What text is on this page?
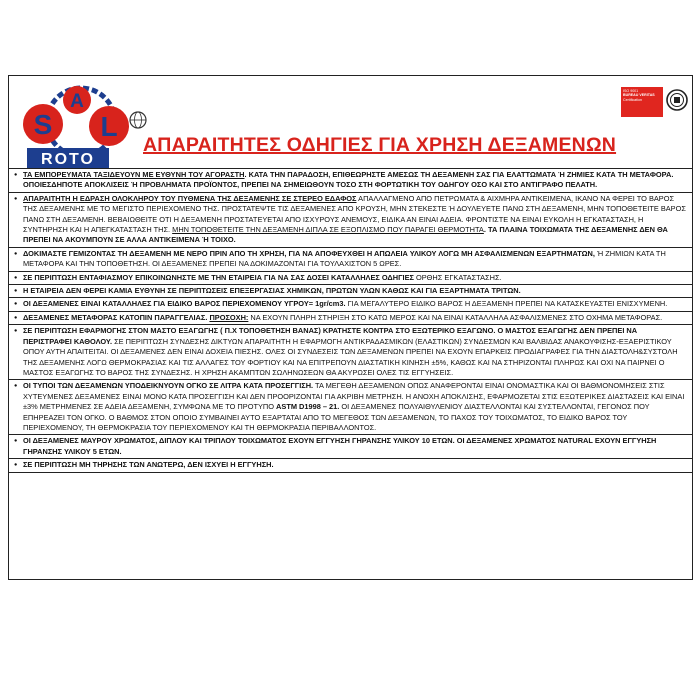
S
A
L
ROTO
ΑΠΑΡΑΙΤΗΤΕΣ ΟΔΗΓΙΕΣ ΓΙΑ ΧΡΗΣΗ ΔΕΞΑΜΕΝΩΝ
ISO 9001
BUREAU VERITAS
Certification
● ΤΑ ΕΜΠΟΡΕΥΜΑΤΑ ΤΑΞΙΔΕΥΟΥΝ ΜΕ ΕΥΘΥΝΗ ΤΟΥ ΑΓΟΡΑΣΤΗ. ΚΑΤΑ ΤΗΝ ΠΑΡΑΔΟΣΗ, ΕΠΙΘΕΩΡΗΣΤΕ ΑΜΕΣΩΣ ΤΗ ΔΕΞΑΜΕΝΗ ΣΑΣ ΓΙΑ ΕΛΑΤΤΩΜΑΤΑ Ή ΖΗΜΙΕΣ ΚΑΤΑ ΤΗ ΜΕΤΑΦΟΡΑ. ΟΠΟΙΕΣΔΗΠΟΤΕ ΑΠΟΚΛΙΣΕΙΣ Ή ΠΡΟΒΛΗΜΑΤΑ ΠΡΟΪΟΝΤΟΣ, ΠΡΕΠΕΙ ΝΑ ΣΗΜΕΙΩΘΟΥΝ ΤΟΣΟ ΣΤΗ ΦΟΡΤΩΤΙΚΗ ΤΟΥ ΟΔΗΓΟΥ ΟΣΟ ΚΑΙ ΣΤΟ ΑΝΤΙΓΡΑΦΟ ΠΕΛΑΤΗ.
● ΑΠΑΡΑΙΤΗΤΗ Η ΕΔΡΑΣΗ ΟΛΟΚΛΗΡΟΥ ΤΟΥ ΠΥΘΜΕΝΑ ΤΗΣ ΔΕΞΑΜΕΝΗΣ ΣΕ ΣΤΕΡΕΟ ΕΔΑΦΟΣ ΑΠΑΛΛΑΓΜΕΝΟ ΑΠΟ ΠΕΤΡΩΜΑΤΑ & ΑΙΧΜΗΡΑ ΑΝΤΙΚΕΙΜΕΝΑ, ΙΚΑΝΟ ΝΑ ΦΕΡΕΙ ΤΟ ΒΑΡΟΣ ΤΗΣ ΔΕΞΑΜΕΝΗΣ ΜΕ ΤΟ ΜΕΓΙΣΤΟ ΠΕΡΙΕΧΟΜΕΝΟ ΤΗΣ. ΠΡΟΣΤΑΤΕΨΤΕ ΤΙΣ ΔΕΞΑΜΕΝΕΣ ΑΠΟ ΚΡΟΥΣΗ, ΜΗΝ ΣΤΕΚΕΣΤΕ Ή ΔΟΥΛΕΥΕΤΕ ΠΑΝΩ ΣΤΗ ΔΕΞΑΜΕΝΗ, ΜΗΝ ΤΟΠΟΘΕΤΕΙΤΕ ΒΑΡΟΣ ΠΑΝΩ ΣΤΗ ΔΕΞΑΜΕΝΗ. ΒΕΒΑΙΩΘΕΙΤΕ ΟΤΙ Η ΔΕΞΑΜΕΝΗ ΠΡΟΣΤΑΤΕΥΕΤΑΙ ΑΠΟ ΙΣΧΥΡΟΥΣ ΑΝΕΜΟΥΣ, ΕΙΔΙΚΑ ΑΝ ΕΙΝΑΙ ΑΔΕΙΑ. ΦΡΟΝΤΙΣΤΕ ΝΑ ΕΙΝΑΙ ΕΥΚΟΛΗ Η ΕΓΚΑΤΑΣΤΑΣΗ, Η ΣΥΝΤΗΡΗΣΗ ΚΑΙ Η ΑΠΕΓΚΑΤΑΣΤΑΣΗ ΤΗΣ. ΜΗΝ ΤΟΠΟΘΕΤΕΙΤΕ ΤΗΝ ΔΕΞΑΜΕΝΗ ΔΙΠΛΑ ΣΕ ΕΞΟΠΛΙΣΜΟ ΠΟΥ ΠΑΡΑΓΕΙ ΘΕΡΜΟΤΗΤΑ. ΤΑ ΠΛΑΙΝΑ ΤΟΙΧΩΜΑΤΑ ΤΗΣ ΔΕΞΑΜΕΝΗΣ ΔΕΝ ΘΑ ΠΡΕΠΕΙ ΝΑ ΑΚΟΥΜΠΟΥΝ ΣΕ ΑΛΛΑ ΑΝΤΙΚΕΙΜΕΝΑ Ή ΤΟΙΧΟ.
● ΔΟΚΙΜΑΣΤΕ ΓΕΜΙΖΟΝΤΑΣ ΤΗ ΔΕΞΑΜΕΝΗ ΜΕ ΝΕΡΟ ΠΡΙΝ ΑΠΟ ΤΗ ΧΡΗΣΗ, ΓΙΑ ΝΑ ΑΠΟΦΕΥΧΘΕΙ Η ΑΠΩΛΕΙΑ ΥΛΙΚΟΥ ΛΟΓΩ ΜΗ ΑΣΦΑΛΙΣΜΕΝΩΝ ΕΞΑΡΤΗΜΑΤΩΝ, Ή ΖΗΜΙΩΝ ΚΑΤΑ ΤΗ ΜΕΤΑΦΟΡΑ ΚΑΙ ΤΗΝ ΤΟΠΟΘΕΤΗΣΗ. ΟΙ ΔΕΞΑΜΕΝΕΣ ΠΡΕΠΕΙ ΝΑ ΔΟΚΙΜΑΖΟΝΤΑΙ ΓΙΑ ΤΟΥΛΑΧΙΣΤΟΝ 5 ΩΡΕΣ.
● ΣΕ ΠΕΡΙΠΤΩΣΗ ΕΝΤΑΦΙΑΣΜΟΥ ΕΠΙΚΟΙΝΩΝΗΣΤΕ ΜΕ ΤΗΝ ΕΤΑΙΡΕΙΑ ΓΙΑ ΝΑ ΣΑΣ ΔΟΣΕΙ ΚΑΤΑΛΛΗΛΕΣ ΟΔΗΓΙΕΣ ΟΡΘΗΣ ΕΓΚΑΤΑΣΤΑΣΗΣ.
● Η ΕΤΑΙΡΕΙΑ ΔΕΝ ΦΕΡΕΙ ΚΑΜΙΑ ΕΥΘΥΝΗ ΣΕ ΠΕΡΙΠΤΩΣΕΙΣ ΕΠΕΞΕΡΓΑΣΙΑΣ ΧΗΜΙΚΩΝ, ΠΡΩΤΩΝ ΥΛΩΝ ΚΑΘΩΣ ΚΑΙ ΓΙΑ ΕΞΑΡΤΗΜΑΤΑ ΤΡΙΤΩΝ.
● ΟΙ ΔΕΞΑΜΕΝΕΣ ΕΙΝΑΙ ΚΑΤΑΛΛΗΛΕΣ ΓΙΑ ΕΙΔΙΚΟ ΒΑΡΟΣ ΠΕΡΙΕΧΟΜΕΝΟΥ ΥΓΡΟΥ= 1gr/cm3. ΓΙΑ ΜΕΓΑΛΥΤΕΡΟ ΕΙΔΙΚΟ ΒΑΡΟΣ Η ΔΕΞΑΜΕΝΗ ΠΡΕΠΕΙ ΝΑ ΚΑΤΑΣΚΕΥΑΣΤΕΙ ΕΝΙΣΧΥΜΕΝΗ.
● ΔΕΞΑΜΕΝΕΣ ΜΕΤΑΦΟΡΑΣ ΚΑΤΟΠΙΝ ΠΑΡΑΓΓΕΛΙΑΣ. ΠΡΟΣΟΧΗ: ΝΑ ΕΧΟΥΝ ΠΛΗΡΗ ΣΤΗΡΙΞΗ ΣΤΟ ΚΑΤΩ ΜΕΡΟΣ ΚΑΙ ΝΑ ΕΙΝΑΙ ΚΑΤΑΛΛΗΛΑ ΑΣΦΑΛΙΣΜΕΝΕΣ ΣΤΟ ΟΧΗΜΑ ΜΕΤΑΦΟΡΑΣ.
● ΣΕ ΠΕΡΙΠΤΩΣΗ ΕΦΑΡΜΟΓΗΣ ΣΤΟΝ ΜΑΣΤΟ ΕΞΑΓΩΓΗΣ ( Π.Χ ΤΟΠΟΘΕΤΗΣΗ ΒΑΝΑΣ) ΚΡΑΤΗΣΤΕ ΚΟΝΤΡΑ ΣΤΟ ΕΞΩΤΕΡΙΚΟ ΕΞΑΓΩΝΟ. Ο ΜΑΣΤΟΣ ΕΞΑΓΩΓΗΣ ΔΕΝ ΠΡΕΠΕΙ ΝΑ ΠΕΡΙΣΤΡΑΦΕΙ ΚΑΘΟΛΟΥ. ΣΕ ΠΕΡΙΠΤΩΣΗ ΣΥΝΔΕΣΗΣ ΔΙΚΤΥΩΝ ΑΠΑΡΑΙΤΗΤΗ Η ΕΦΑΡΜΟΓΗ ΑΝΤΙΚΡΑΔΑΣΜΙΚΩΝ (ΕΛΑΣΤΙΚΩΝ) ΣΥΝΔΕΣΜΩΝ ΚΑΙ ΒΑΛΒΙΔΑΣ ΑΝΑΚΟΥΦΙΣΗΣ-ΕΞΑΕΡΙΣΤΙΚΟΥ ΟΠΟΥ ΑΥΤΗ ΑΠΑΙΤΕΙΤΑΙ. ΟΙ ΔΕΞΑΜΕΝΕΣ ΔΕΝ ΕΙΝΑΙ ΔΟΧΕΙΑ ΠΙΕΣΗΣ. ΟΛΕΣ ΟΙ ΣΥΝΔΕΣΕΙΣ ΤΩΝ ΔΕΞΑΜΕΝΩΝ ΠΡΕΠΕΙ ΝΑ ΕΧΟΥΝ ΕΠΑΡΚΕΙΣ ΠΡΟΔΙΑΓΡΑΦΕΣ ΓΙΑ ΤΗΝ ΔΙΑΣΤΟΛΗ&ΣΥΣΤΟΛΗ ΤΗΣ ΔΕΞΑΜΕΝΗΣ ΛΟΓΩ ΘΕΡΜΟΚΡΑΣΙΑΣ ΚΑΙ ΤΙΣ ΑΛΛΑΓΕΣ ΤΟΥ ΦΟΡΤΙΟΥ ΚΑΙ ΝΑ ΕΠΙΤΡΕΠΟΥΝ ΔΙΑΣΤΑΤΙΚΗ ΚΙΝΗΣΗ ±5%, ΚΑΘΩΣ ΚΑΙ ΝΑ ΣΤΗΡΙΖΟΝΤΑΙ ΠΛΗΡΩΣ ΚΑΙ ΟΧΙ ΝΑ ΠΑΙΡΝΕΙ Ο ΜΑΣΤΟΣ ΕΞΑΓΩΓΗΣ ΤΟ ΒΑΡΟΣ ΤΗΣ ΣΥΝΔΕΣΗΣ. Η ΧΡΗΣΗ ΑΚΑΜΠΤΩΝ ΣΩΛΗΝΩΣΕΩΝ ΘΑ ΑΚΥΡΩΣΕΙ ΟΛΕΣ ΤΙΣ ΕΓΓΥΗΣΕΙΣ.
● ΟΙ ΤΥΠΟΙ ΤΩΝ ΔΕΞΑΜΕΝΩΝ ΥΠΟΔΕΙΚΝΥΟΥΝ ΟΓΚΟ ΣΕ ΛΙΤΡΑ ΚΑΤΑ ΠΡΟΣΕΓΓΙΣΗ. ΤΑ ΜΕΓΕΘΗ ΔΕΞΑΜΕΝΩΝ ΟΠΩΣ ΑΝΑΦΕΡΟΝΤΑΙ ΕΙΝΑΙ ΟΝΟΜΑΣΤΙΚΑ ΚΑΙ ΟΙ ΒΑΘΜΟΝΟΜΗΣΕΙΣ ΣΤΙΣ ΧΥΤΕΥΜΕΝΕΣ ΔΕΞΑΜΕΝΕΣ ΕΙΝΑΙ ΜΟΝΟ ΚΑΤΑ ΠΡΟΣΕΓΓΙΣΗ ΚΑΙ ΔΕΝ ΠΡΟΟΡΙΖΟΝΤΑΙ ΓΙΑ ΑΚΡΙΒΗ ΜΕΤΡΗΣΗ. Η ΑΝΟΧΗ ΑΠΟΚΛΙΣΗΣ, ΕΦΑΡΜΟΖΕΤΑΙ ΣΤΙΣ ΕΞΩΤΕΡΙΚΕΣ ΔΙΑΣΤΑΣΕΙΣ ΚΑΙ ΕΙΝΑΙ ±3% ΜΕΤΡΗΜΕΝΕΣ ΣΕ ΑΔΕΙΑ ΔΕΞΑΜΕΝΗ, ΣΥΜΦΩΝΑ ΜΕ ΤΟ ΠΡΟΤΥΠΟ ASTM D1998 – 21. ΟΙ ΔΕΞΑΜΕΝΕΣ ΠΟΛΥΑΙΘΥΛΕΝΙΟΥ ΔΙΑΣΤΕΛΛΟΝΤΑΙ ΚΑΙ ΣΥΣΤΕΛΛΟΝΤΑΙ, ΓΕΓΟΝΟΣ ΠΟΥ ΕΠΗΡΕΑΖΕΙ ΤΟΝ ΟΓΚΟ. Ο ΒΑΘΜΟΣ ΣΤΟΝ ΟΠΟΙΟ ΣΥΜΒΑΙΝΕΙ ΑΥΤΟ ΕΞΑΡΤΑΤΑΙ ΑΠΟ ΤΟ ΜΕΓΕΘΟΣ ΤΩΝ ΔΕΞΑΜΕΝΩΝ, ΤΟ ΠΑΧΟΣ ΤΟΥ ΤΟΙΧΩΜΑΤΟΣ, ΤΟ ΕΙΔΙΚΟ ΒΑΡΟΣ ΤΟΥ ΠΕΡΙΕΧΟΜΕΝΟΥ, ΤΗ ΘΕΡΜΟΚΡΑΣΙΑ ΤΟΥ ΠΕΡΙΕΧΟΜΕΝΟΥ ΚΑΙ ΤΗ ΘΕΡΜΟΚΡΑΣΙΑ ΠΕΡΙΒΑΛΛΟΝΤΟΣ.
● ΟΙ ΔΕΞΑΜΕΝΕΣ ΜΑΥΡΟΥ ΧΡΩΜΑΤΟΣ, ΔΙΠΛΟΥ ΚΑΙ ΤΡΙΠΛΟΥ ΤΟΙΧΩΜΑΤΟΣ ΕΧΟΥΝ ΕΓΓΥΗΣΗ ΓΗΡΑΝΣΗΣ ΥΛΙΚΟΥ 10 ΕΤΩΝ. ΟΙ ΔΕΞΑΜΕΝΕΣ ΧΡΩΜΑΤΟΣ NATURAL ΕΧΟΥΝ ΕΓΓΥΗΣΗ ΓΗΡΑΝΣΗΣ ΥΛΙΚΟΥ 5 ΕΤΩΝ.
● ΣΕ ΠΕΡΙΠΤΩΣΗ ΜΗ ΤΗΡΗΣΗΣ ΤΩΝ ΑΝΩΤΕΡΩ, ΔΕΝ ΙΣΧΥΕΙ Η ΕΓΓΥΗΣΗ.
